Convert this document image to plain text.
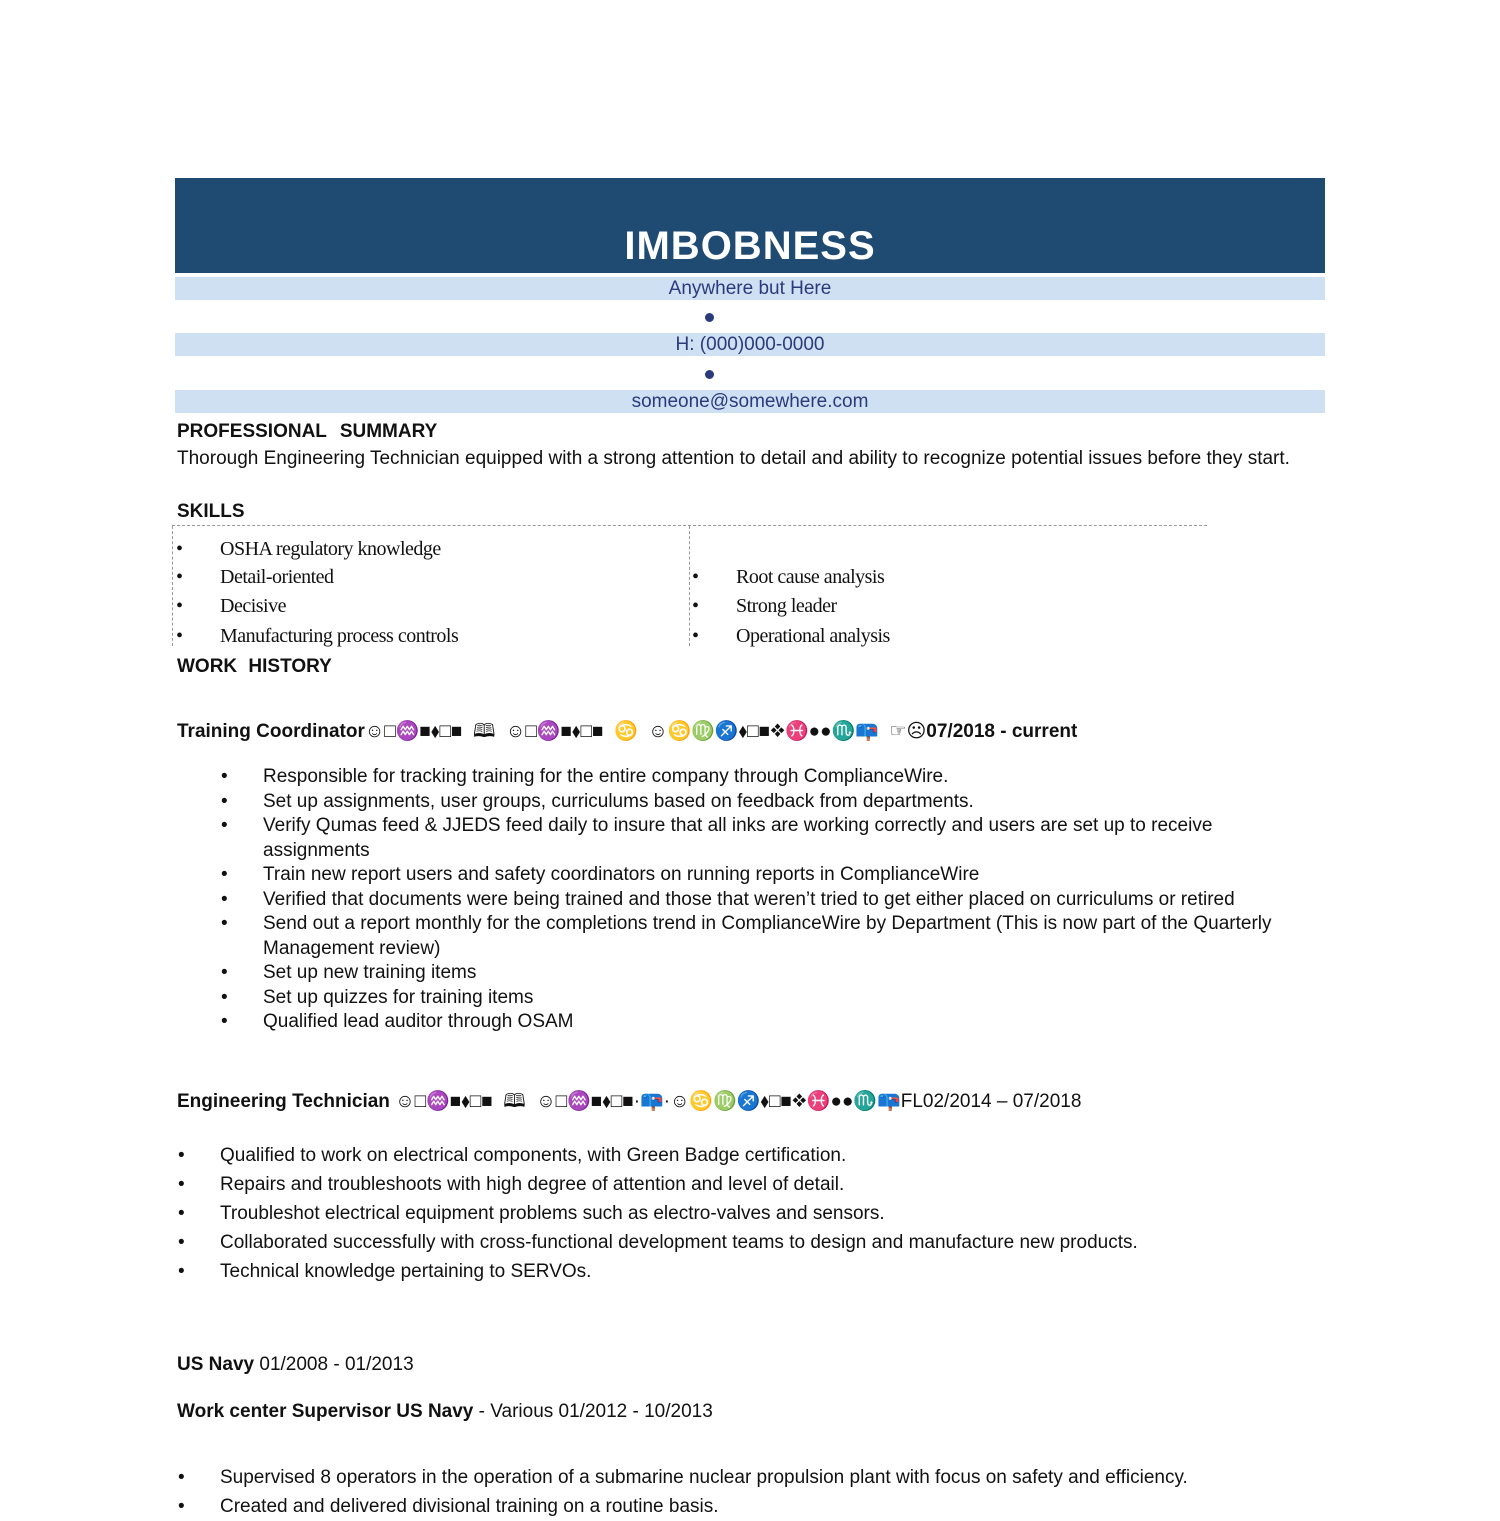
IMBOBNESS
Anywhere but Here
H: (000)000-0000
someone@somewhere.com
PROFESSIONAL SUMMARY
Thorough Engineering Technician equipped with a strong attention to detail and ability to recognize potential issues before they start.
SKILLS
• OSHA regulatory knowledge
• Detail-oriented
• Decisive
• Manufacturing process controls
• Root cause analysis
• Strong leader
• Operational analysis
WORK HISTORY
Training Coordinator☺□♒■⬧□■  🕮  ☺□♒■⬧□■  ♋  ☺♋♍♐⬧□■❖♓●●♏📪  ☞☹07/2018 - current
• Responsible for tracking training for the entire company through ComplianceWire.
• Set up assignments, user groups, curriculums based on feedback from departments.
• Verify Qumas feed & JJEDS feed daily to insure that all inks are working correctly and users are set up to receive assignments
• Train new report users and safety coordinators on running reports in ComplianceWire
• Verified that documents were being trained and those that weren’t tried to get either placed on curriculums or retired
• Send out a report monthly for the completions trend in ComplianceWire by Department (This is now part of the Quarterly Management review)
• Set up new training items
• Set up quizzes for training items
• Qualified lead auditor through OSAM
Engineering Technician ☺□♒■⬧□■  🕮  ☺□♒■⬧□■·📪·☺♋♍♐⬧□■❖♓●●♏📪FL02/2014 – 07/2018
• Qualified to work on electrical components, with Green Badge certification.
• Repairs and troubleshoots with high degree of attention and level of detail.
• Troubleshot electrical equipment problems such as electro-valves and sensors.
• Collaborated successfully with cross-functional development teams to design and manufacture new products.
• Technical knowledge pertaining to SERVOs.
US Navy 01/2008 - 01/2013
Work center Supervisor US Navy - Various 01/2012 - 10/2013
• Supervised 8 operators in the operation of a submarine nuclear propulsion plant with focus on safety and efficiency.
• Created and delivered divisional training on a routine basis.
